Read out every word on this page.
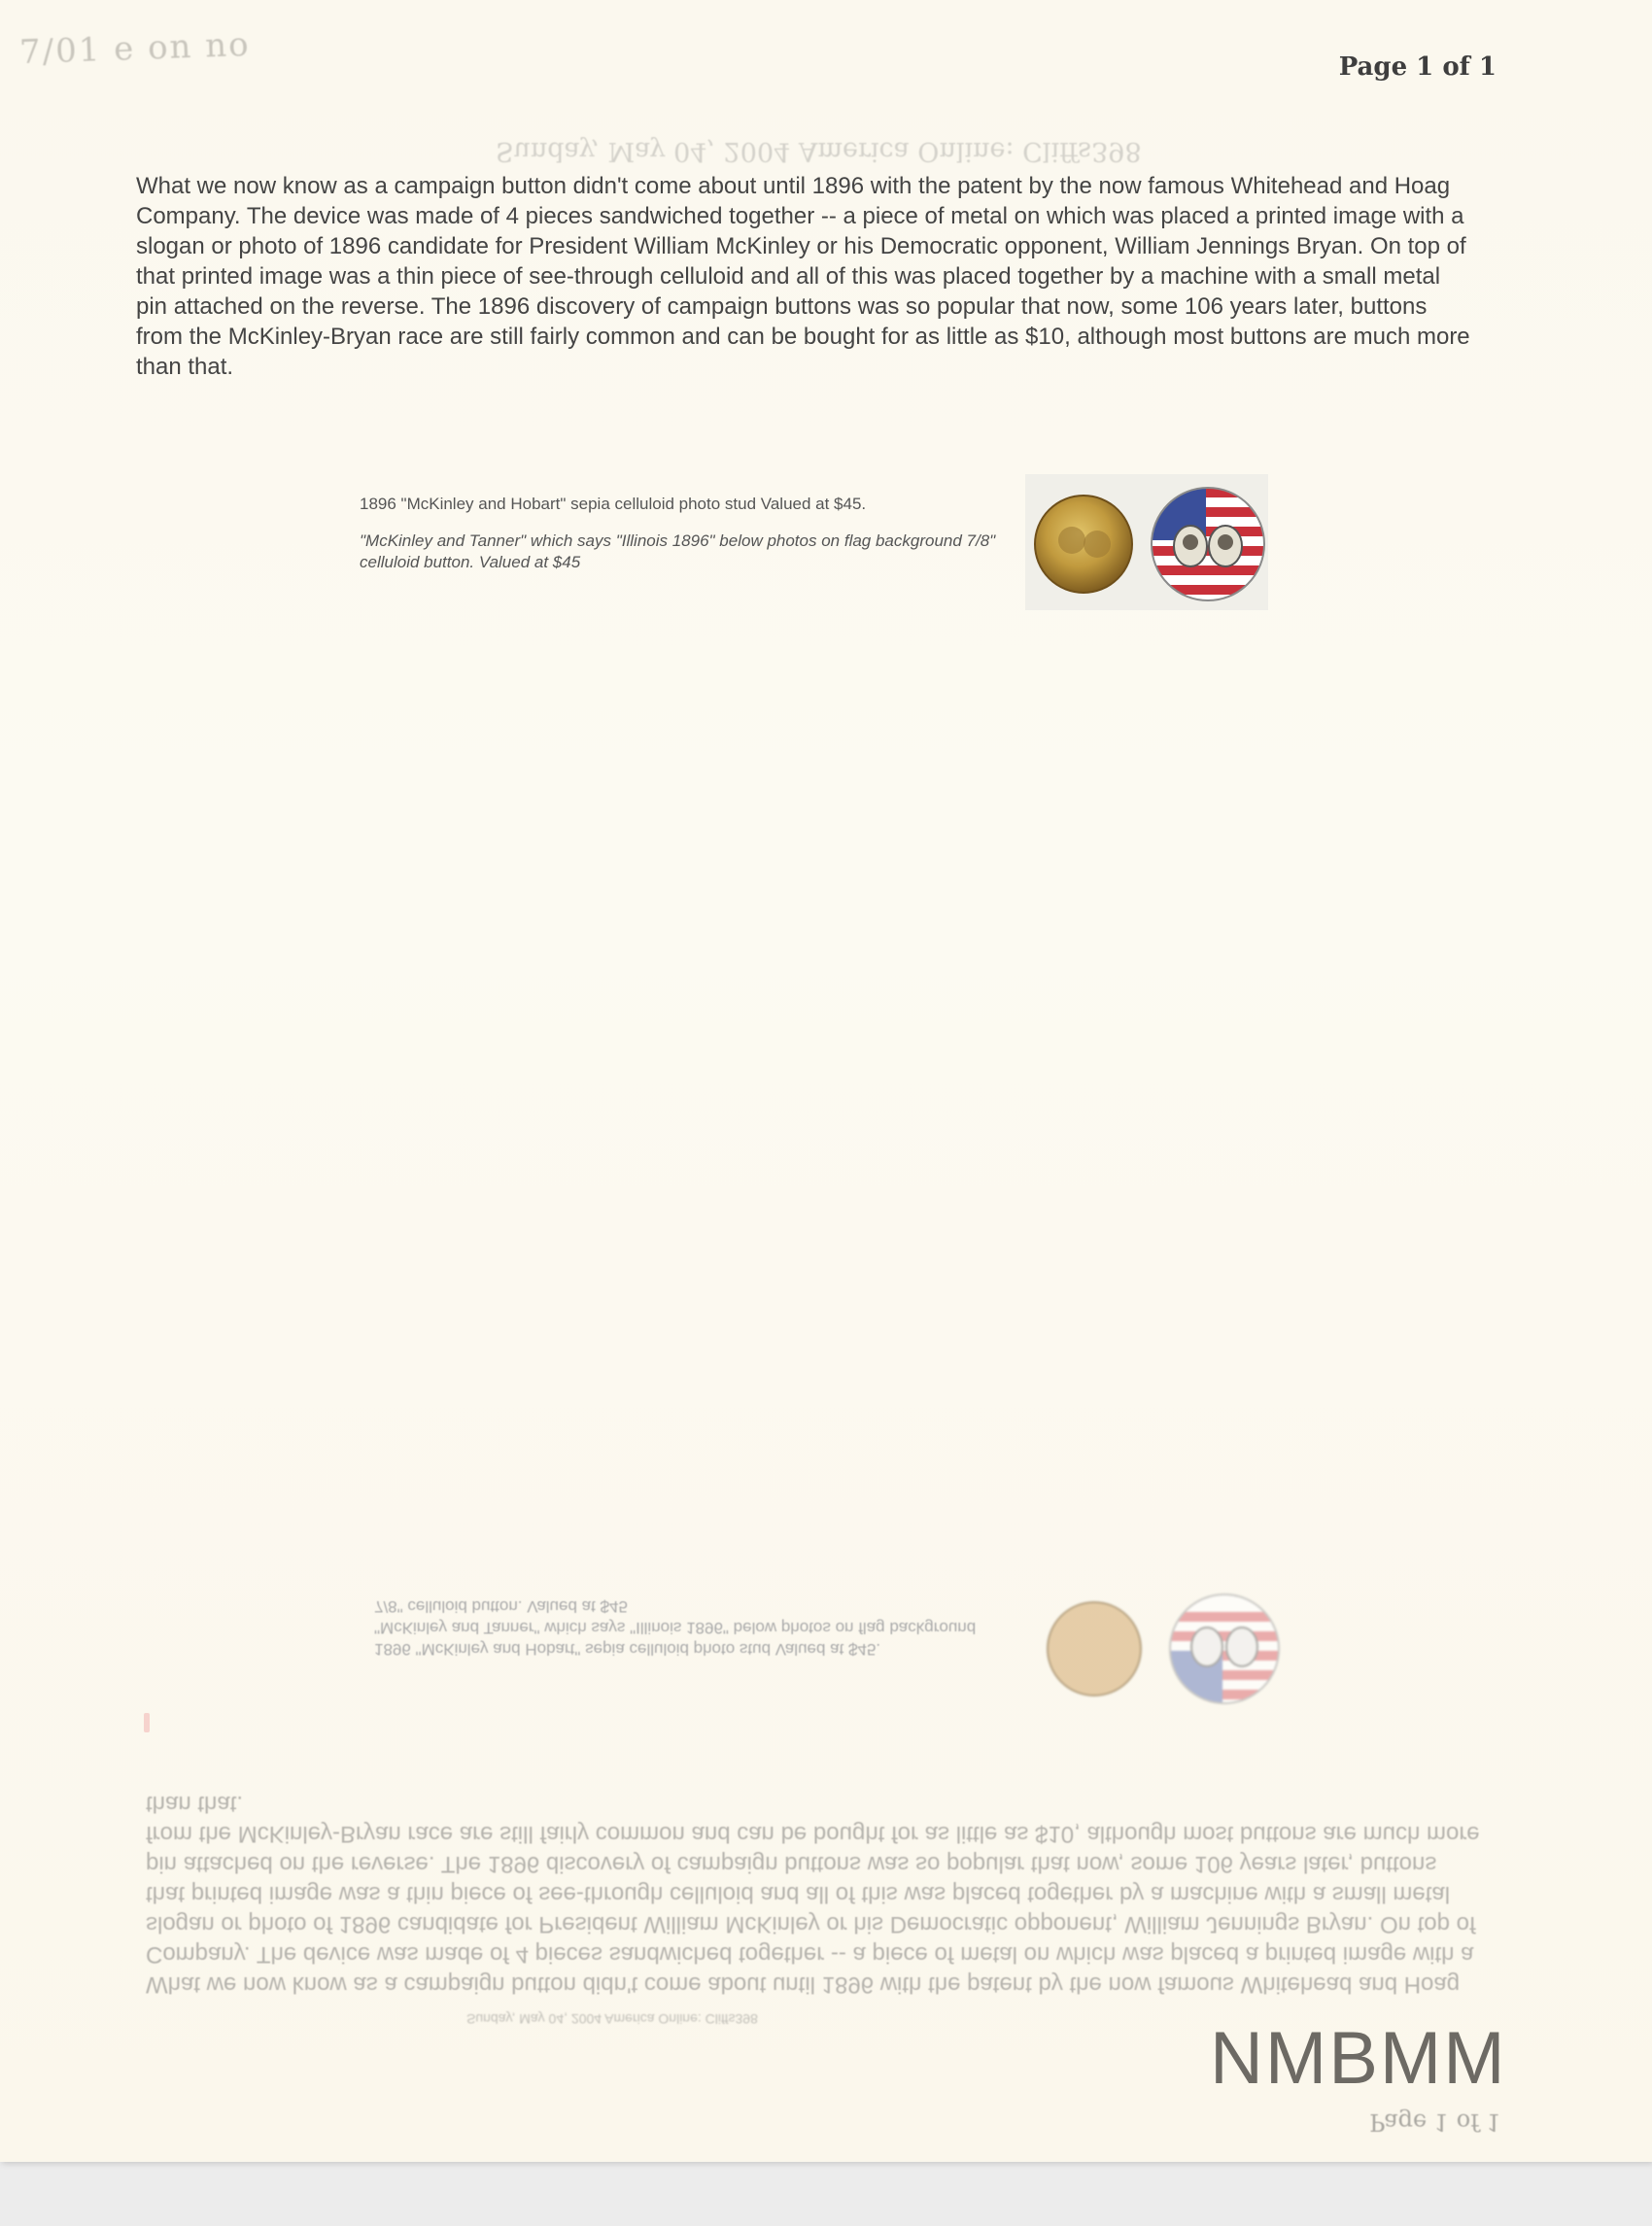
7/01 e on no	Page 1 of 1
Sunday, May 04, 2004 America Online: Cliffs398

What we now know as a campaign button didn't come about until 1896 with the patent by the now famous Whitehead and Hoag Company. The device was made of 4 pieces sandwiched together -- a piece of metal on which was placed a printed image with a slogan or photo of 1896 candidate for President William McKinley or his Democratic opponent, William Jennings Bryan. On top of that printed image was a thin piece of see-through celluloid and all of this was placed together by a machine with a small metal pin attached on the reverse. The 1896 discovery of campaign buttons was so popular that now, some 106 years later, buttons from the McKinley-Bryan race are still fairly common and can be bought for as little as $10, although most buttons are much more than that.

1896 "McKinley and Hobart" sepia celluloid photo stud Valued at $45.
"McKinley and Tanner" which says "Illinois 1896" below photos on flag background 7/8" celluloid button. Valued at $45
1896 "McKinley and Hobart" sepia celluloid photo stud Valued at $45.
"McKinley and Tanner" which says "Illinois 1896" below photos on flag background 7/8" celluloid button. Valued at $45

What we now know as a campaign button didn't come about until 1896 with the patent by the now famous Whitehead and Hoag Company. The device was made of 4 pieces sandwiched together -- a piece of metal on which was placed a printed image with a slogan or photo of 1896 candidate for President William McKinley or his Democratic opponent, William Jennings Bryan. On top of that printed image was a thin piece of see-through celluloid and all of this was placed together by a machine with a small metal pin attached on the reverse. The 1896 discovery of campaign buttons was so popular that now, some 106 years later, buttons from the McKinley-Bryan race are still fairly common and can be bought for as little as $10, although most buttons are much more than that.

Sunday, May 04, 2004 America Online: Cliffs398
Page 1 of 1
NMBMM
